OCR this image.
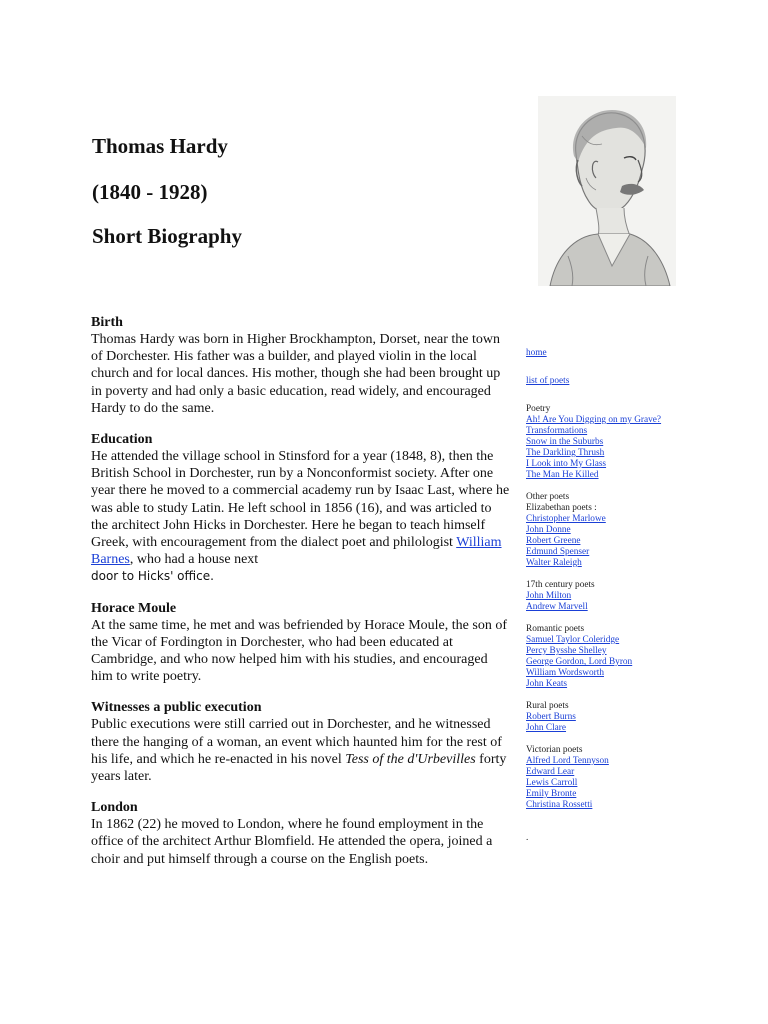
Thomas Hardy
(1840 - 1928)
Short Biography
Birth
Thomas Hardy was born in Higher Brockhampton, Dorset, near the town of Dorchester. His father was a builder, and played violin in the local church and for local dances. His mother, though she had been brought up in poverty and had only a basic education, read widely, and encouraged Hardy to do the same.
Education
He attended the village school in Stinsford for a year (1848, 8), then the British School in Dorchester, run by a Nonconformist society. After one year there he moved to a commercial academy run by Isaac Last, where he was able to study Latin. He left school in 1856 (16), and was articled to the architect John Hicks in Dorchester. Here he began to teach himself Greek, with encouragement from the dialect poet and philologist William Barnes, who had a house next
door to Hicks' office.
Horace Moule
At the same time, he met and was befriended by Horace Moule, the son of the Vicar of Fordington in Dorchester, who had been educated at Cambridge, and who now helped him with his studies, and encouraged him to write poetry.
Witnesses a public execution
Public executions were still carried out in Dorchester, and he witnessed there the hanging of a woman, an event which haunted him for the rest of his life, and which he re-enacted in his novel Tess of the d'Urbevilles forty years later.
London
In 1862 (22) he moved to London, where he found employment in the office of the architect Arthur Blomfield. He attended the opera, joined a choir and put himself through a course on the English poets.
home
list of poets
Poetry
Ah! Are You Digging on my Grave?
Transformations
Snow in the Suburbs
The Darkling Thrush
I Look into My Glass
The Man He Killed
Other poets
Elizabethan poets :
Christopher Marlowe
John Donne
Robert Greene
Edmund Spenser
Walter Raleigh
17th century poets
John Milton
Andrew Marvell
Romantic poets
Samuel Taylor Coleridge
Percy Bysshe Shelley
George Gordon, Lord Byron
William Wordsworth
John Keats
Rural poets
Robert Burns
John Clare
Victorian poets
Alfred Lord Tennyson
Edward Lear
Lewis Carroll
Emily Bronte
Christina Rossetti
.
